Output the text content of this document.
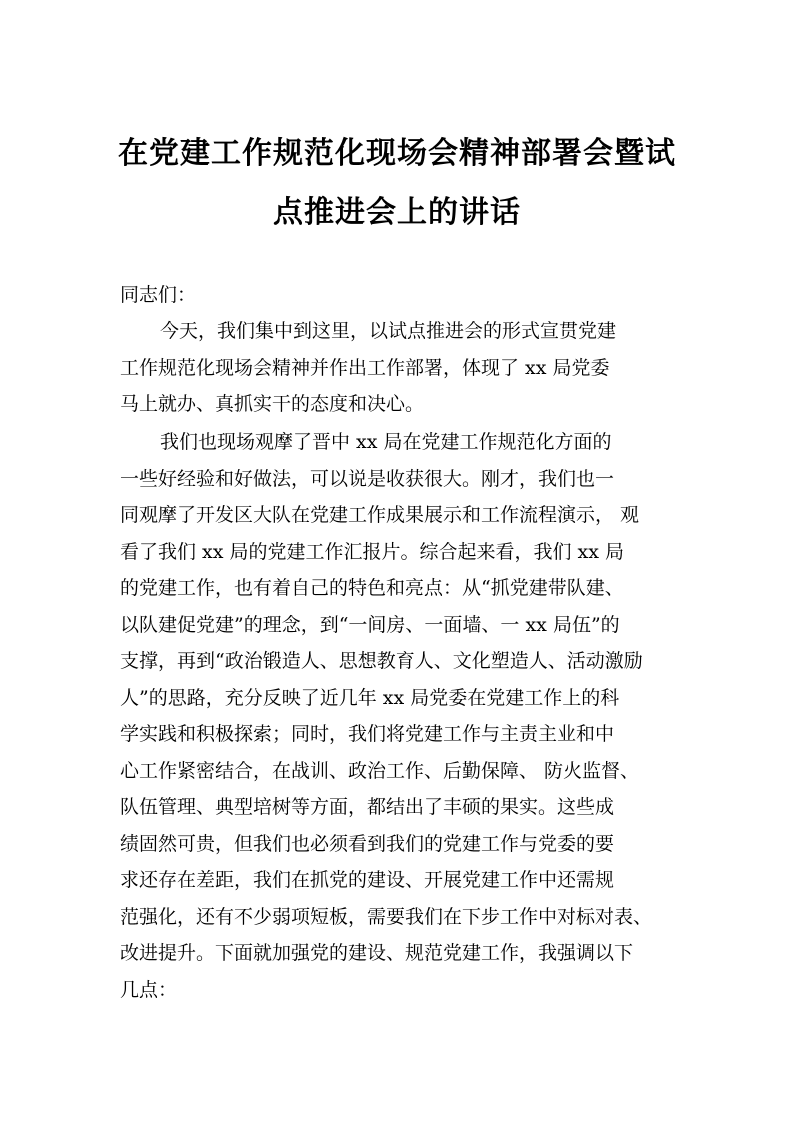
在党建工作规范化现场会精神部署会暨试
点推进会上的讲话
同志们：
今天，我们集中到这里，以试点推进会的形式宣贯党建
工作规范化现场会精神并作出工作部署，体现了 xx 局党委
马上就办、真抓实干的态度和决心。
我们也现场观摩了晋中 xx 局在党建工作规范化方面的
一些好经验和好做法，可以说是收获很大。刚才，我们也一
同观摩了开发区大队在党建工作成果展示和工作流程演示， 观
看了我们 xx 局的党建工作汇报片。综合起来看，我们 xx 局
的党建工作，也有着自己的特色和亮点：从“抓党建带队建、
以队建促党建”的理念，到“一间房、一面墙、一 xx 局伍”的
支撑，再到“政治锻造人、思想教育人、文化塑造人、活动激励
人”的思路，充分反映了近几年 xx 局党委在党建工作上的科
学实践和积极探索；同时，我们将党建工作与主责主业和中
心工作紧密结合，在战训、政治工作、后勤保障、 防火监督、
队伍管理、典型培树等方面，都结出了丰硕的果实。这些成
绩固然可贵，但我们也必须看到我们的党建工作与党委的要
求还存在差距，我们在抓党的建设、开展党建工作中还需规
范强化，还有不少弱项短板，需要我们在下步工作中对标对表、
改进提升。下面就加强党的建设、规范党建工作，我强调以下
几点：
